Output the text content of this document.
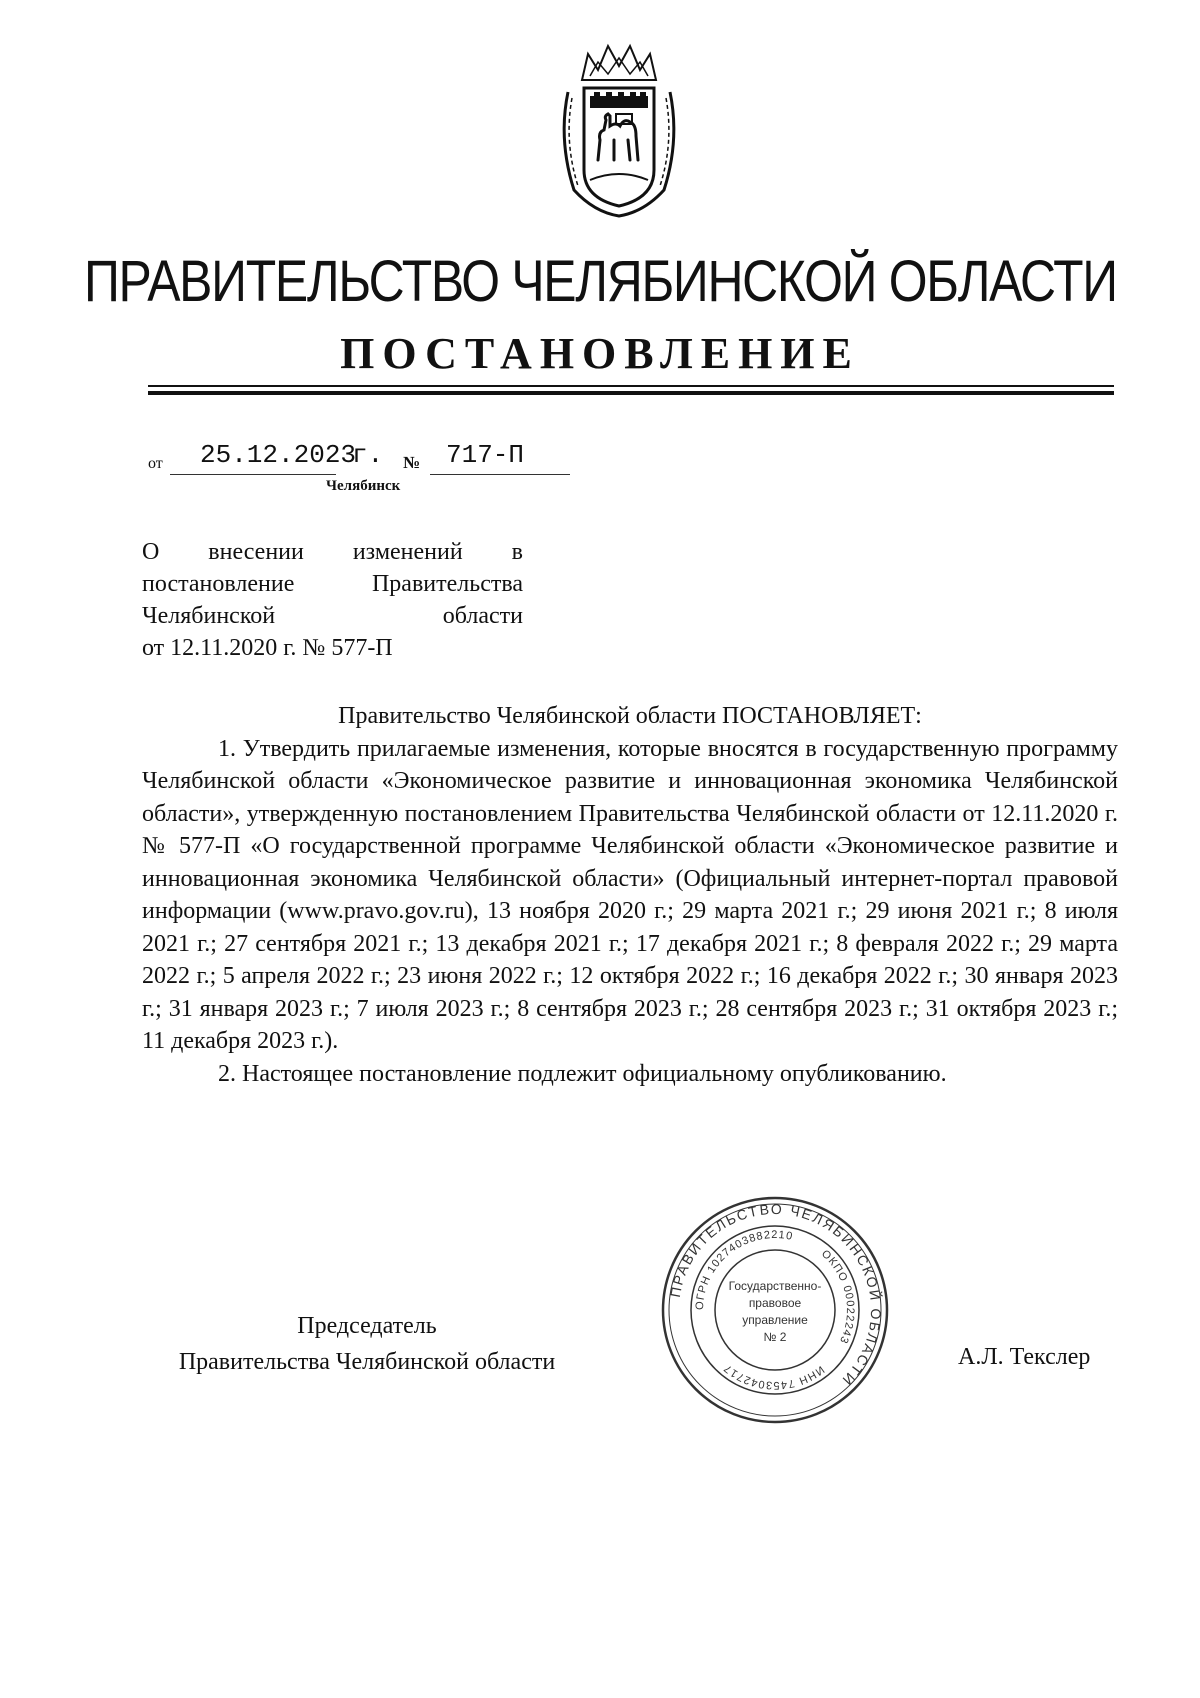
ПРАВИТЕЛЬСТВО ЧЕЛЯБИНСКОЙ ОБЛАСТИ
ПОСТАНОВЛЕНИЕ
от 25.12.2023
г. № 717-П
Челябинск
О внесении изменений в
постановление Правительства
Челябинской области
от 12.11.2020 г. № 577-П

Правительство Челябинской области ПОСТАНОВЛЯЕТ:

1. Утвердить прилагаемые изменения, которые вносятся в государственную программу Челябинской области «Экономическое развитие и инновационная экономика Челябинской области», утвержденную постановлением Правительства Челябинской области от 12.11.2020 г. № 577-П «О государственной программе Челябинской области «Экономическое развитие и инновационная экономика Челябинской области» (Официальный интернет-портал правовой информации (www.pravo.gov.ru), 13 ноября 2020 г.; 29 марта 2021 г.; 29 июня 2021 г.; 8 июля 2021 г.; 27 сентября 2021 г.; 13 декабря 2021 г.; 17 декабря 2021 г.; 8 февраля 2022 г.; 29 марта 2022 г.; 5 апреля 2022 г.; 23 июня 2022 г.; 12 октября 2022 г.; 16 декабря 2022 г.; 30 января 2023 г.; 31 января 2023 г.; 7 июля 2023 г.; 8 сентября 2023 г.; 28 сентября 2023 г.; 31 октября 2023 г.; 11 декабря 2023 г.).

2. Настоящее постановление подлежит официальному опубликованию.

Председатель
Правительства Челябинской области	А.Л. Текслер
ПРАВИТЕЛЬСТВО ЧЕЛЯБИНСКОЙ ОБЛАСТИ
ОГРН 1027403882210
ОКПО 00022243
ИНН 7453042717
Государственно-
правовое
управление
№ 2
